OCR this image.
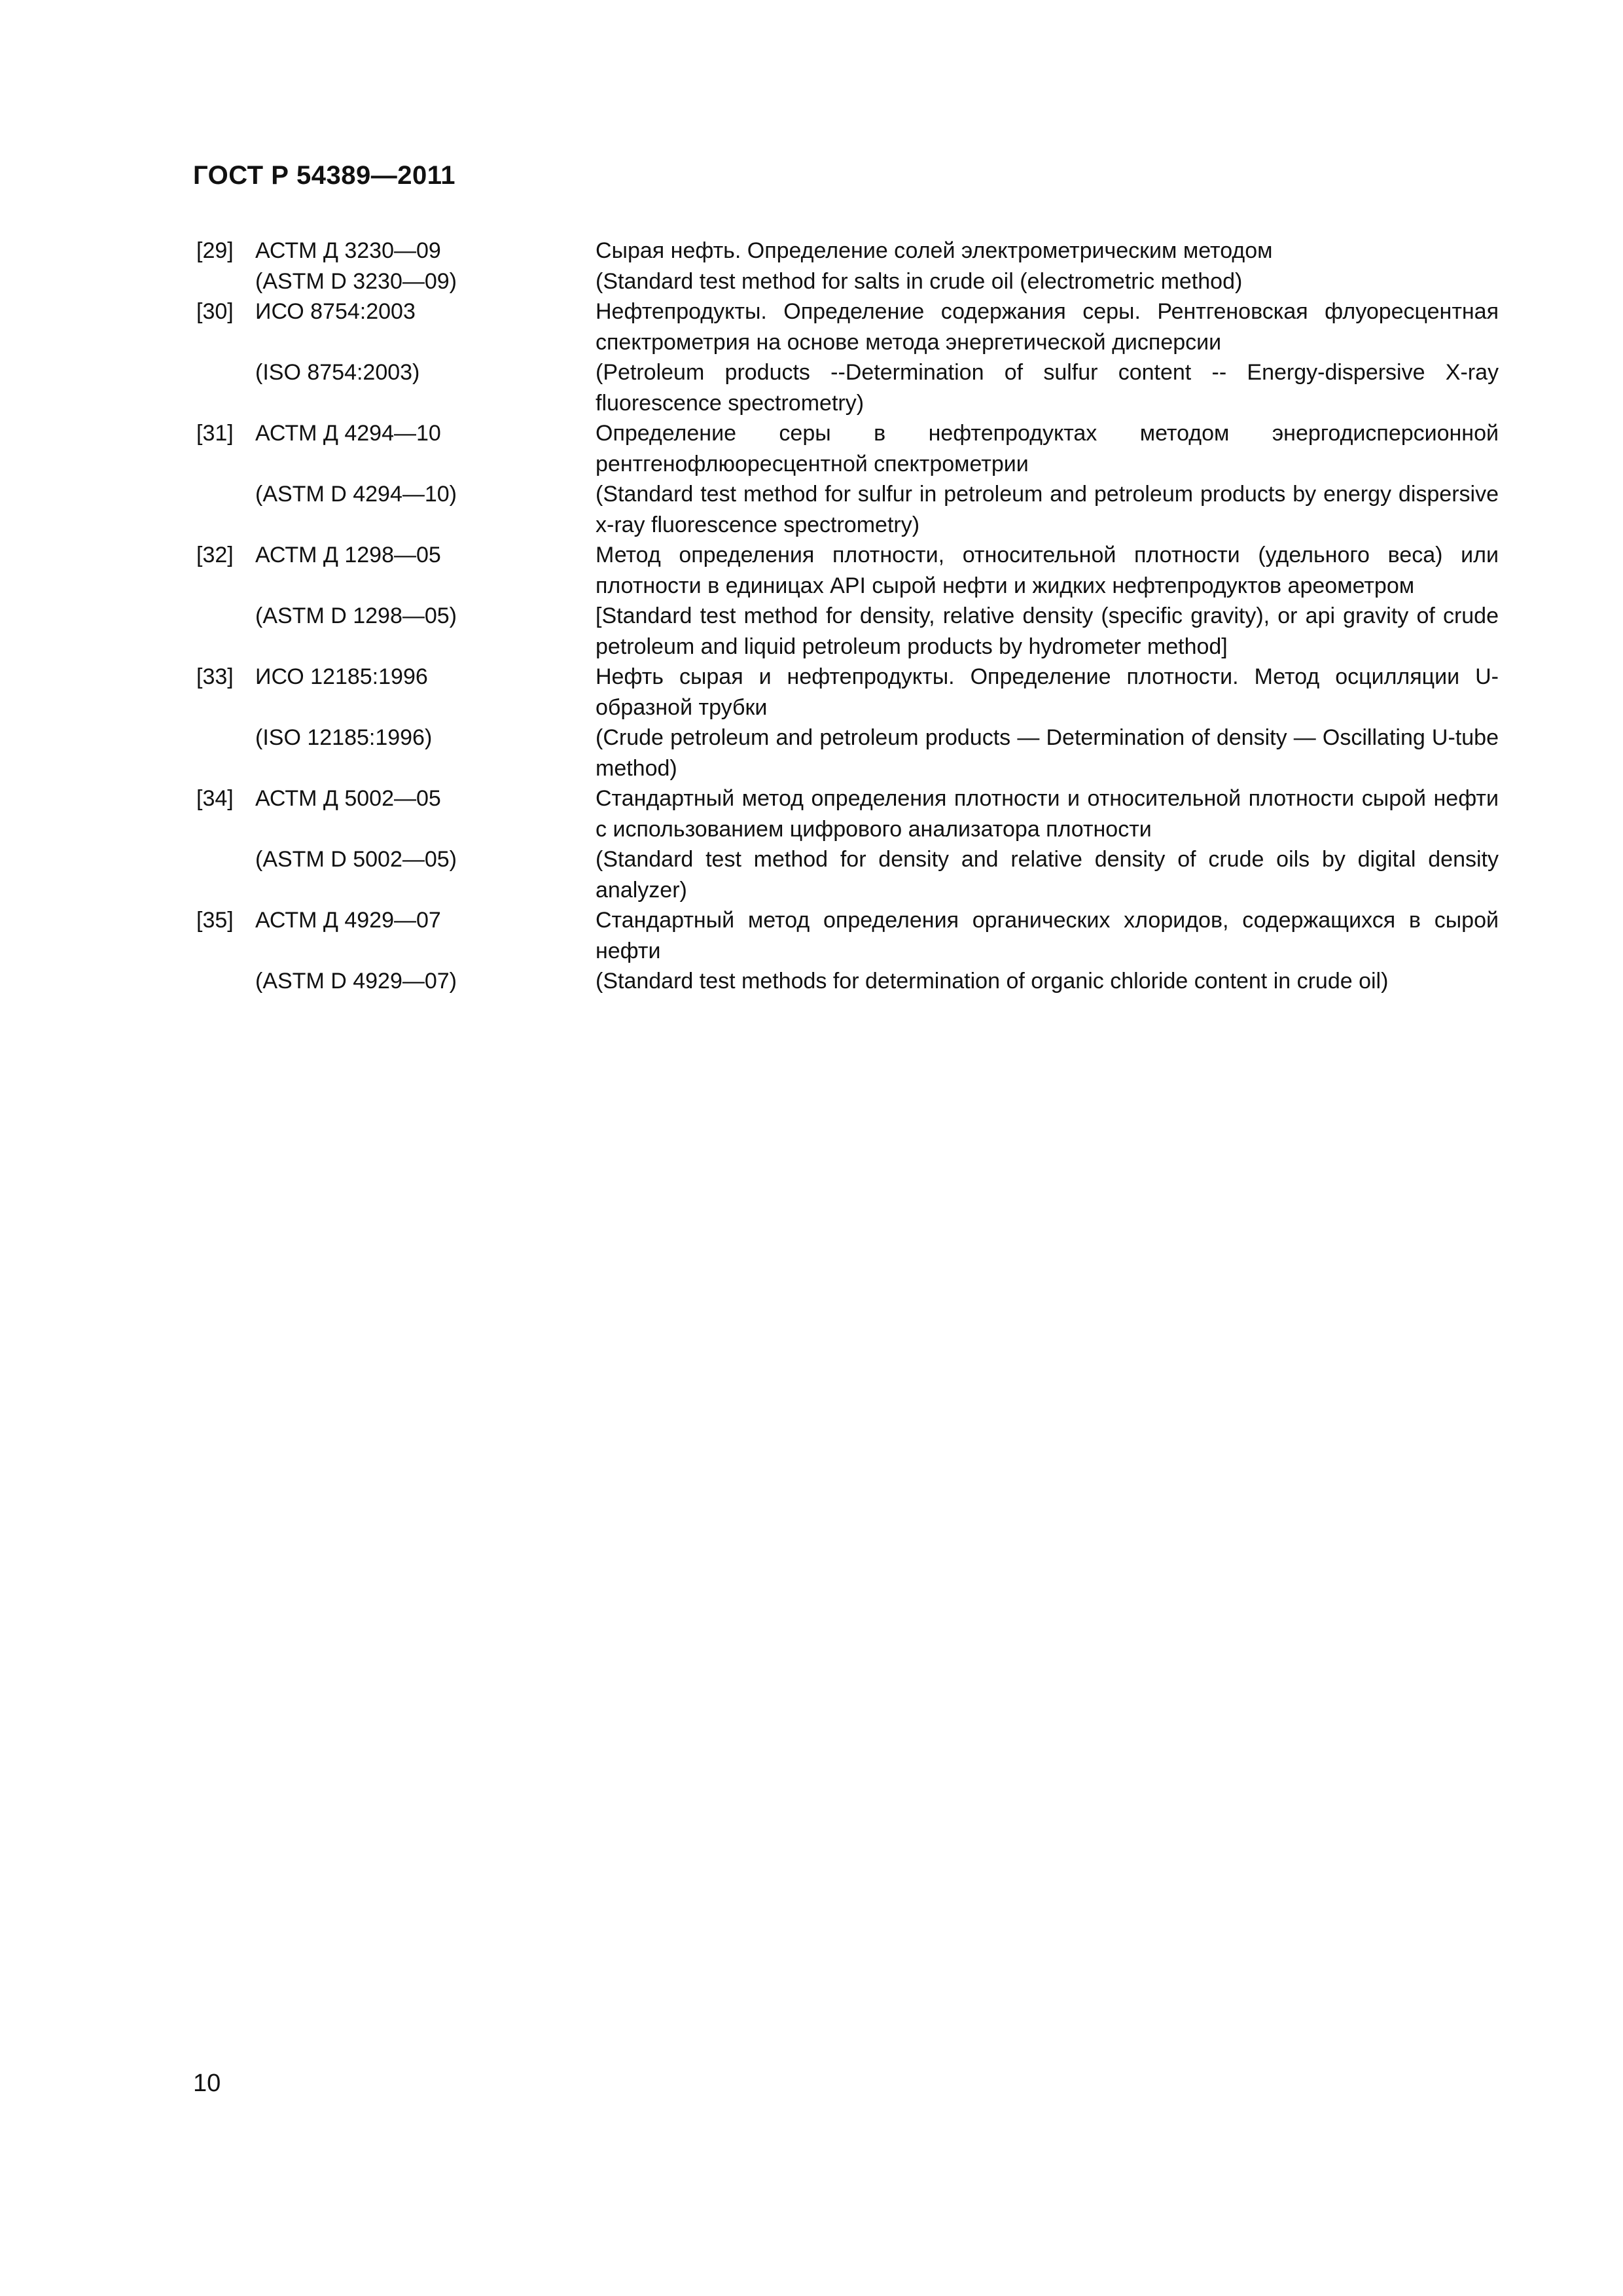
ГОСТ Р 54389—2011
[29] АСТМ Д 3230—09	Сырая нефть. Определение солей электрометрическим методом
(ASTM D 3230—09)	(Standard test method for salts in crude oil (electrometric method)
[30] ИСО 8754:2003	Нефтепродукты. Определение содержания серы. Рентгеновская флуоресцентная спектрометрия на основе метода энергетической дисперсии
(ISO 8754:2003)	(Petroleum products --Determination of sulfur content -- Energy-dispersive X-ray fluorescence spectrometry)
[31] АСТМ Д 4294—10	Определение серы в нефтепродуктах методом энергодисперсионной рентгенофлюоресцентной спектрометрии
(ASTM D 4294—10)	(Standard test method for sulfur in petroleum and petroleum products by energy dispersive x-ray fluorescence spectrometry)
[32] АСТМ Д 1298—05	Метод определения плотности, относительной плотности (удельного веса) или плотности в единицах API сырой нефти и жидких нефтепродуктов ареометром
(ASTM D 1298—05)	[Standard test method for density, relative density (specific gravity), or api gravity of crude petroleum and liquid petroleum products by hydrometer method]
[33] ИСО 12185:1996	Нефть сырая и нефтепродукты. Определение плотности. Метод осцилляции U-образной трубки
(ISO 12185:1996)	(Crude petroleum and petroleum products — Determination of density — Oscillating U-tube method)
[34] АСТМ Д 5002—05	Стандартный метод определения плотности и относительной плотности сырой нефти с использованием цифрового анализатора плотности
(ASTM D 5002—05)	(Standard test method for density and relative density of crude oils by digital density analyzer)
[35] АСТМ Д 4929—07	Стандартный метод определения органических хлоридов, содержащихся в сырой нефти
(ASTM D 4929—07)	(Standard test methods for determination of organic chloride content in crude oil)
10
